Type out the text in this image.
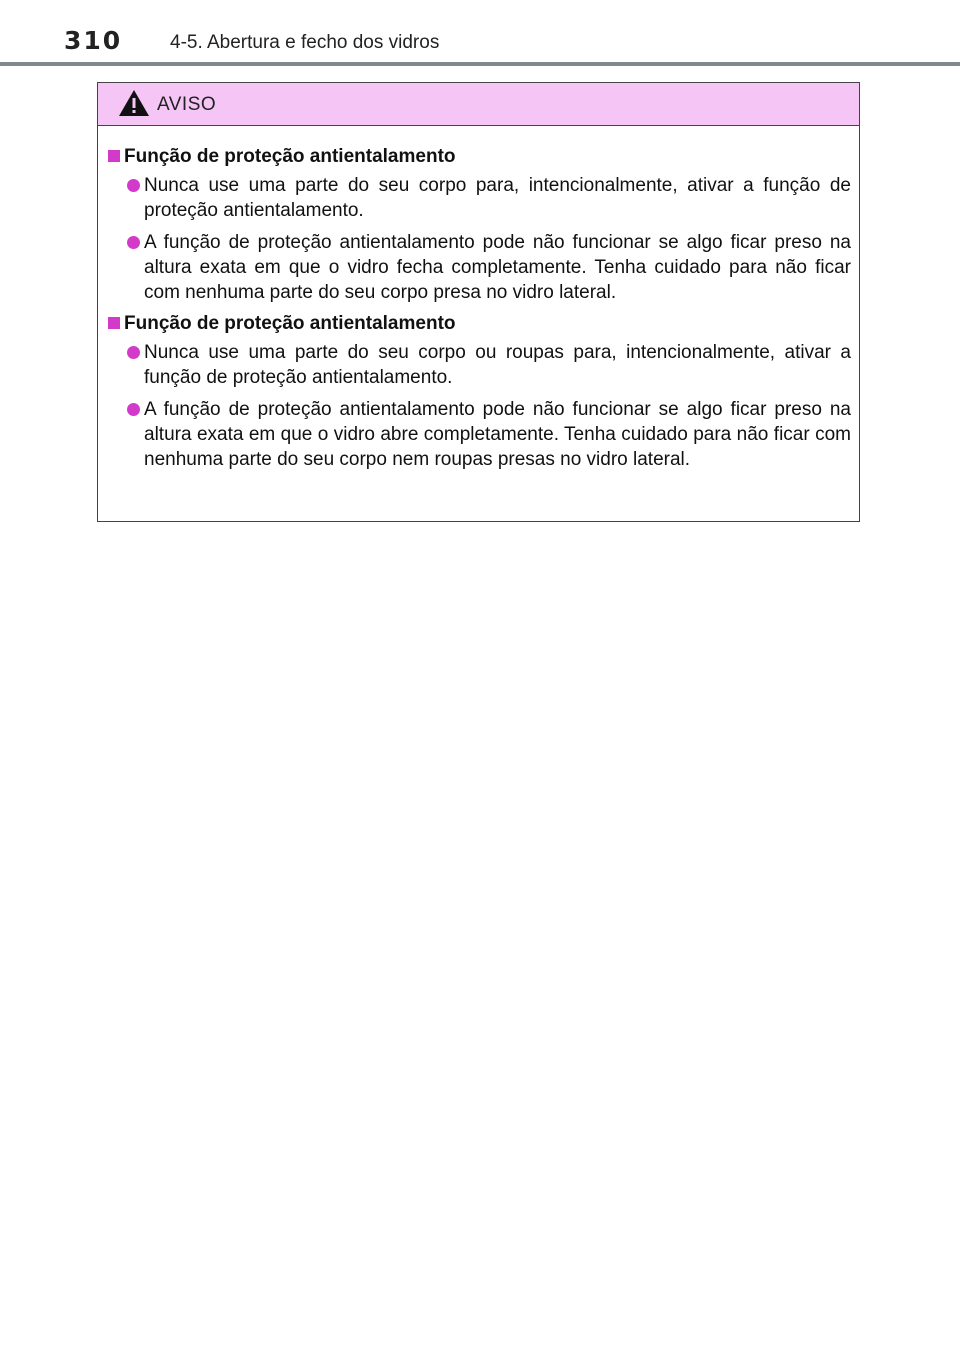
310	4-5. Abertura e fecho dos vidros
AVISO
Função de proteção antientalamento
Nunca use uma parte do seu corpo para, intencionalmente, ativar a função de proteção antientalamento.
A função de proteção antientalamento pode não funcionar se algo ficar preso na altura exata em que o vidro fecha completamente. Tenha cuidado para não ficar com nenhuma parte do seu corpo presa no vidro lateral.
Função de proteção antientalamento
Nunca use uma parte do seu corpo ou roupas para, intencionalmente, ativar a função de proteção antientalamento.
A função de proteção antientalamento pode não funcionar se algo ficar preso na altura exata em que o vidro abre completamente. Tenha cuidado para não ficar com nenhuma parte do seu corpo nem roupas presas no vidro lateral.
